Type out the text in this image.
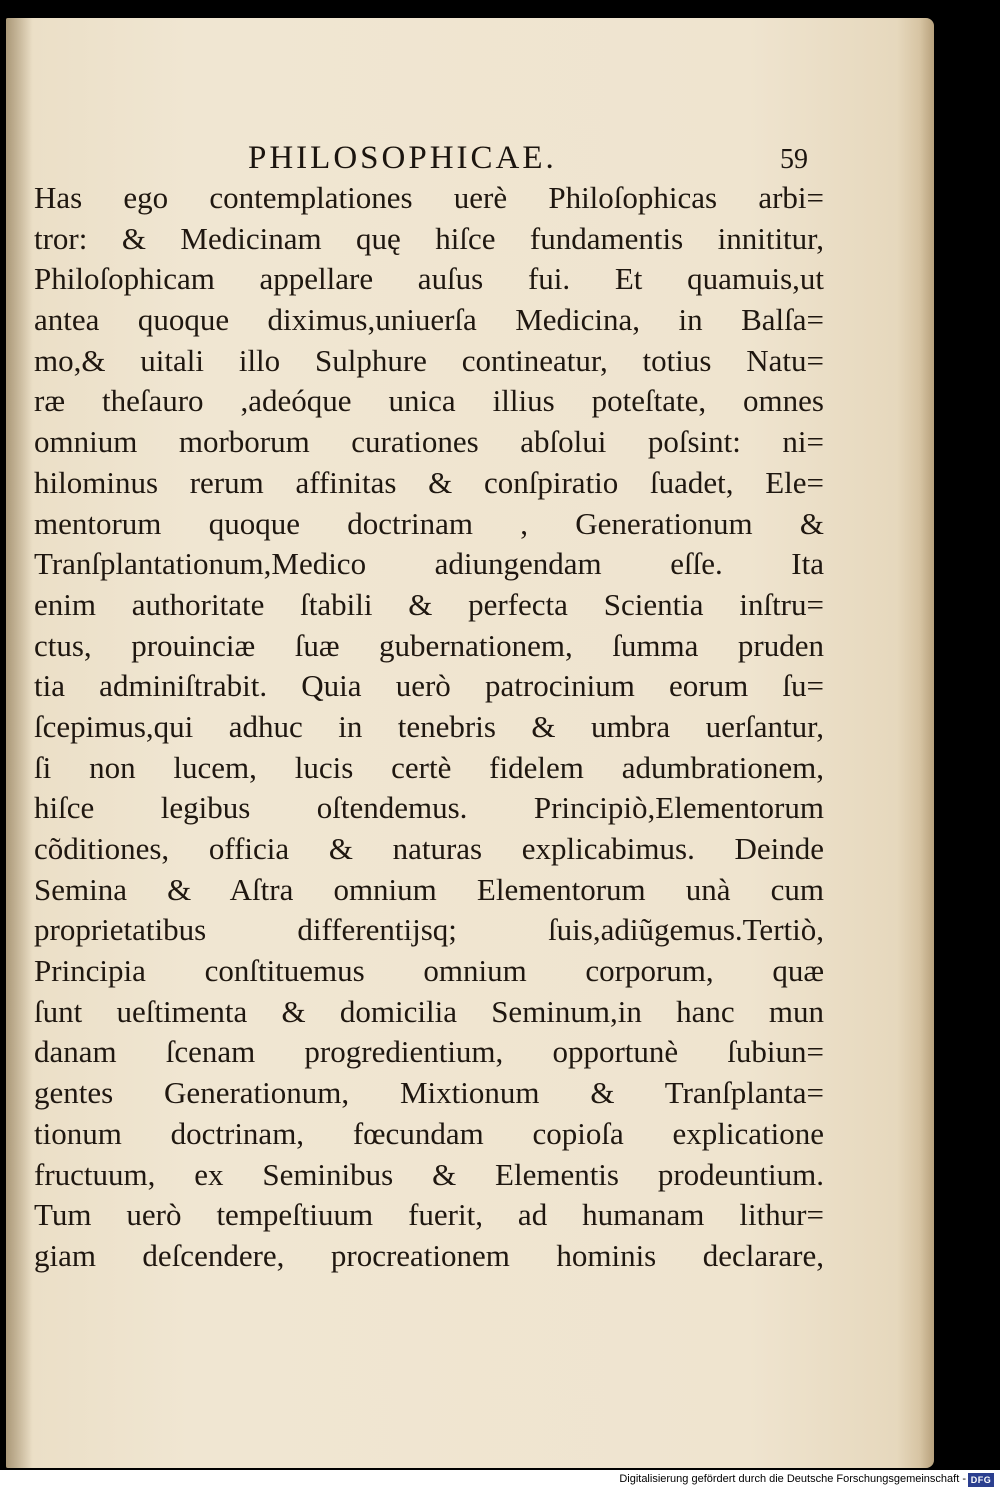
PHILOSOPHICAE.	59
Has ego contemplationes uerè Philoſophicas arbi=
tror: & Medicinam quę hiſce fundamentis innititur,
Philoſophicam appellare auſus fui. Et quamuis,ut
antea quoque diximus,uniuerſa Medicina, in Balſa=
mo,& uitali illo Sulphure contineatur, totius Natu=
ræ theſauro ,adeóque unica illius poteſtate, omnes
omnium morborum curationes abſolui poſsint: ni=
hilominus rerum affinitas & conſpiratio ſuadet, Ele=
mentorum quoque doctrinam , Generationum &
Tranſplantationum,Medico adiungendam eſſe. Ita
enim authoritate ſtabili & perfecta Scientia inſtru=
ctus, prouinciæ ſuæ gubernationem, ſumma pruden
tia adminiſtrabit. Quia uerò patrocinium eorum ſu=
ſcepimus,qui adhuc in tenebris & umbra uerſantur,
ſi non lucem, lucis certè fidelem adumbrationem,
hiſce legibus oſtendemus. Principiò,Elementorum
cõditiones, officia & naturas explicabimus. Deinde
Semina & Aſtra omnium Elementorum unà cum
proprietatibus differentijsq; ſuis,adiũgemus.Tertiò,
Principia conſtituemus omnium corporum, quæ
ſunt ueſtimenta & domicilia Seminum,in hanc mun
danam ſcenam progredientium, opportunè ſubiun=
gentes Generationum, Mixtionum & Tranſplanta=
tionum doctrinam, fœcundam copioſa explicatione
fructuum, ex Seminibus & Elementis prodeuntium.
Tum uerò tempeſtiuum fuerit, ad humanam lithur=
giam deſcendere, procreationem hominis declarare,
Digitalisierung gefördert durch die Deutsche Forschungsgemeinschaft - DFG
